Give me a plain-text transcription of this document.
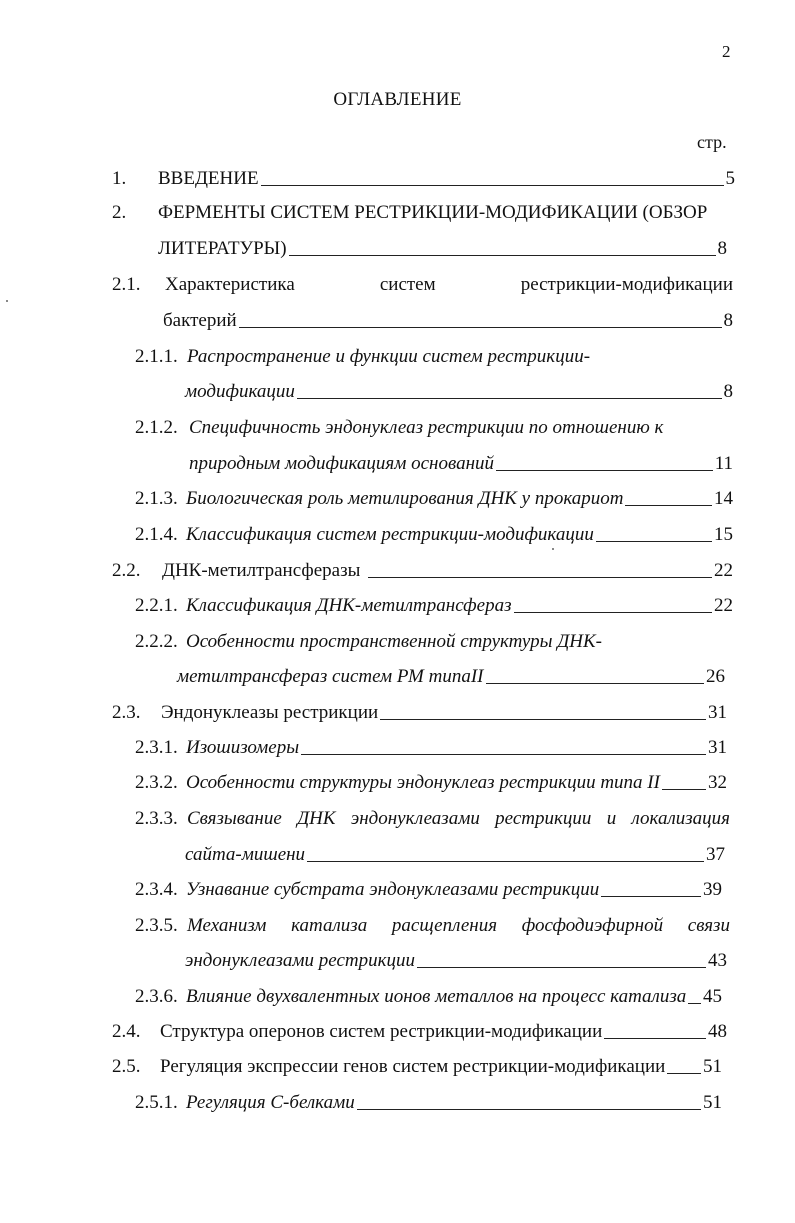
2
ОГЛАВЛЕНИЕ
стр.
1.	ВВЕДЕНИЕ	5
2.	ФЕРМЕНТЫ СИСТЕМ РЕСТРИКЦИИ-МОДИФИКАЦИИ (ОБЗОР
ЛИТЕРАТУРЫ)	8
2.1. Характеристика	систем	рестрикции-модификации
бактерий	8
2.1.1. Распространение и функции систем рестрикции-
модификации	8
2.1.2. Специфичность эндонуклеаз рестрикции по отношению к
природным модификациям оснований	11
2.1.3. Биологическая роль метилирования ДНК у прокариот	14
2.1.4. Классификация систем рестрикции-модификации	15
2.2.	ДНК-метилтрансферазы	22
2.2.1. Классификация ДНК-метилтрансфераз	22
2.2.2. Особенности пространственной структуры ДНК-
метилтрансфераз систем РМ типаII	26
2.3.	Эндонуклеазы рестрикции	31
2.3.1. Изошизомеры	31
2.3.2. Особенности структуры эндонуклеаз рестрикции типа II	32
2.3.3. Связывание ДНК эндонуклеазами рестрикции и локализация
сайта-мишени	37
2.3.4. Узнавание субстрата эндонуклеазами рестрикции	39
2.3.5. Механизм катализа расщепления фосфодиэфирной связи
эндонуклеазами рестрикции	43
2.3.6. Влияние двухвалентных ионов металлов на процесс катализа 45
2.4.	Структура оперонов систем рестрикции-модификации	48
2.5.	Регуляция экспрессии генов систем рестрикции-модификации 51
2.5.1. Регуляция С-белками	51
